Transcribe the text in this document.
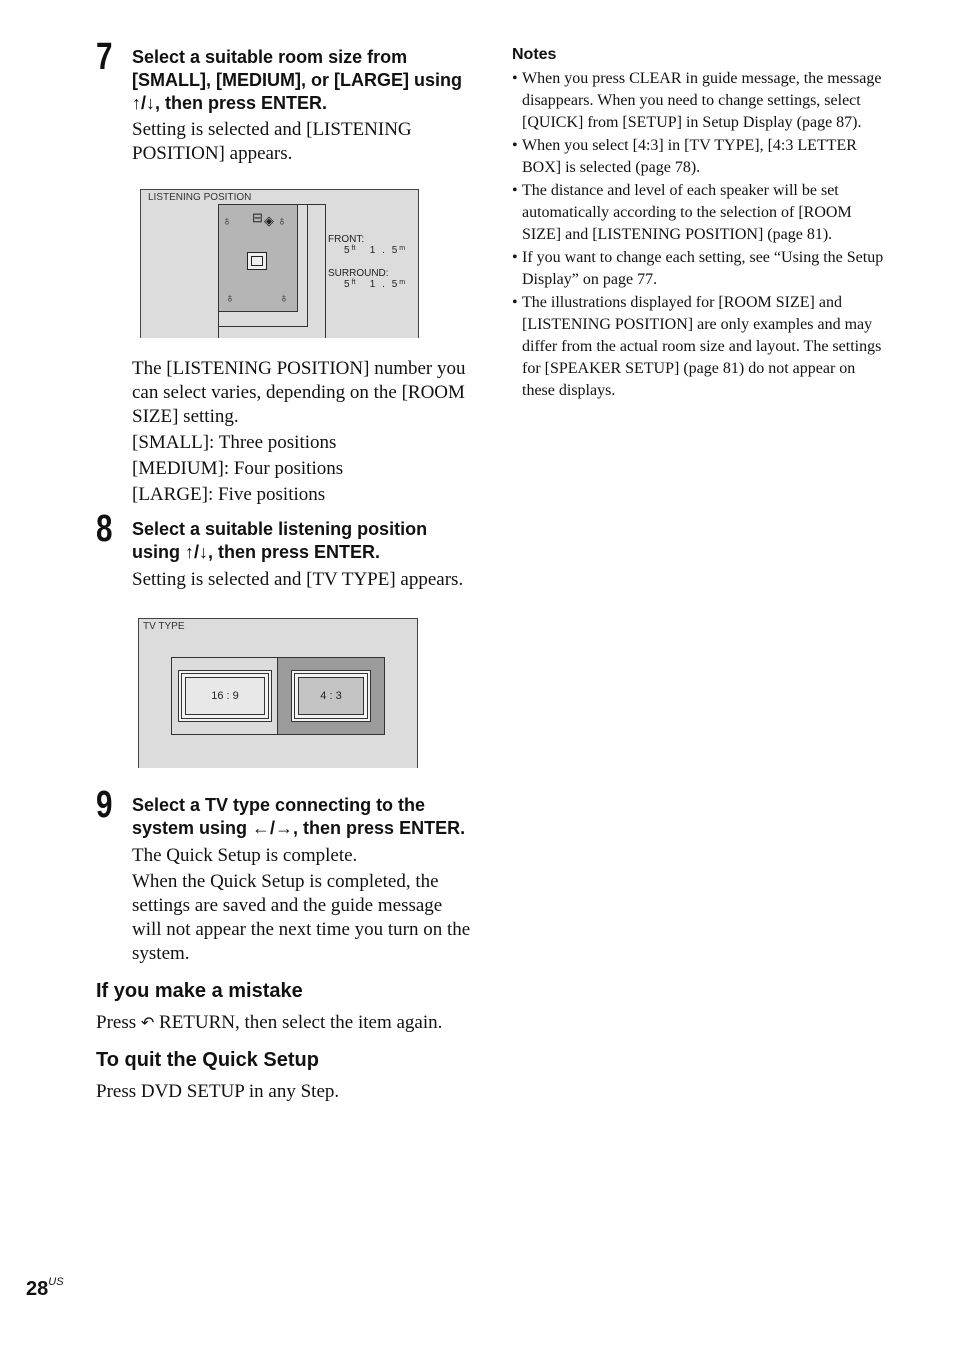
7 Select a suitable room size from
[SMALL], [MEDIUM], or [LARGE] using
↑/↓, then press ENTER.

Setting is selected and [LISTENING POSITION] appears.

LISTENING POSITION
♁ ⊟ ♁
◈
♁	♁
FRONT:
$5^{ft}$ 1 . 5$^m$
SURROUND:
$5^{ft}$ 1 . 5$^m$

The [LISTENING POSITION] number you can select varies, depending on the [ROOM SIZE] setting.

[SMALL]: Three positions

[MEDIUM]: Four positions

[LARGE]: Five positions

8 Select a suitable listening position
using ↑/↓, then press ENTER.

Setting is selected and [TV TYPE] appears.

TV TYPE
16 : 9	4 : 3
9 Select a TV type connecting to the
system using ←/→, then press ENTER.

The Quick Setup is complete.

When the Quick Setup is completed, the settings are saved and the guide message will not appear the next time you turn on the system.

If you make a mistake
Press ↶ RETURN, then select the item again.
To quit the Quick Setup
Press DVD SETUP in any Step.
Notes
• When you press CLEAR in guide message, the message disappears. When you need to change settings, select [QUICK] from [SETUP] in Setup Display (page 87).
• When you select [4:3] in [TV TYPE], [4:3 LETTER BOX] is selected (page 78).
• The distance and level of each speaker will be set automatically according to the selection of [ROOM SIZE] and [LISTENING POSITION] (page 81).
• If you want to change each setting, see “Using the Setup Display” on page 77.
• The illustrations displayed for [ROOM SIZE] and [LISTENING POSITION] are only examples and may differ from the actual room size and layout. The settings for [SPEAKER SETUP] (page 81) do not appear on these displays.
$28^{US}$
